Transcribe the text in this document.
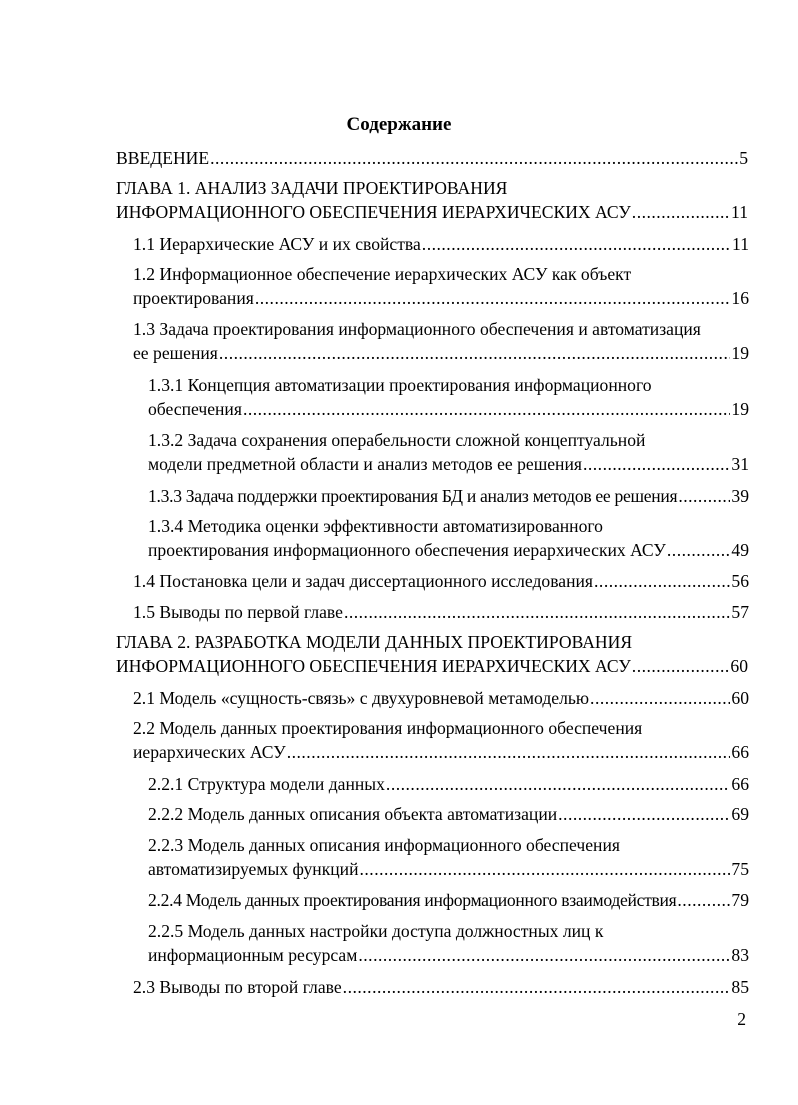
Содержание
ВВЕДЕНИЕ .....	5
ГЛАВА 1. АНАЛИЗ ЗАДАЧИ ПРОЕКТИРОВАНИЯ
ИНФОРМАЦИОННОГО ОБЕСПЕЧЕНИЯ ИЕРАРХИЧЕСКИХ АСУ .....	11
1.1 Иерархические АСУ и их свойства .....	11
1.2 Информационное обеспечение иерархических АСУ как объект
проектирования .....	16
1.3 Задача проектирования информационного обеспечения и автоматизация
ее решения .....	19
1.3.1 Концепция автоматизации проектирования информационного
обеспечения .....	19
1.3.2 Задача сохранения операбельности сложной концептуальной
модели предметной области и анализ методов ее решения .....	31
1.3.3 Задача поддержки проектирования БД и анализ методов ее решения .....	39
1.3.4 Методика оценки эффективности автоматизированного
проектирования информационного обеспечения иерархических АСУ .....	49
1.4 Постановка цели и задач диссертационного исследования .....	56
1.5 Выводы по первой главе .....	57
ГЛАВА 2. РАЗРАБОТКА МОДЕЛИ ДАННЫХ ПРОЕКТИРОВАНИЯ
ИНФОРМАЦИОННОГО ОБЕСПЕЧЕНИЯ ИЕРАРХИЧЕСКИХ АСУ .....	60
2.1 Модель «сущность-связь» с двухуровневой метамоделью .....	60
2.2 Модель данных проектирования информационного обеспечения
иерархических АСУ .....	66
2.2.1 Структура модели данных .....	66
2.2.2 Модель данных описания объекта автоматизации .....	69
2.2.3 Модель данных описания информационного обеспечения
автоматизируемых функций .....	75
2.2.4 Модель данных проектирования информационного взаимодействия .....	79
2.2.5 Модель данных настройки доступа должностных лиц к
информационным ресурсам .....	83
2.3 Выводы по второй главе .....	85
2
